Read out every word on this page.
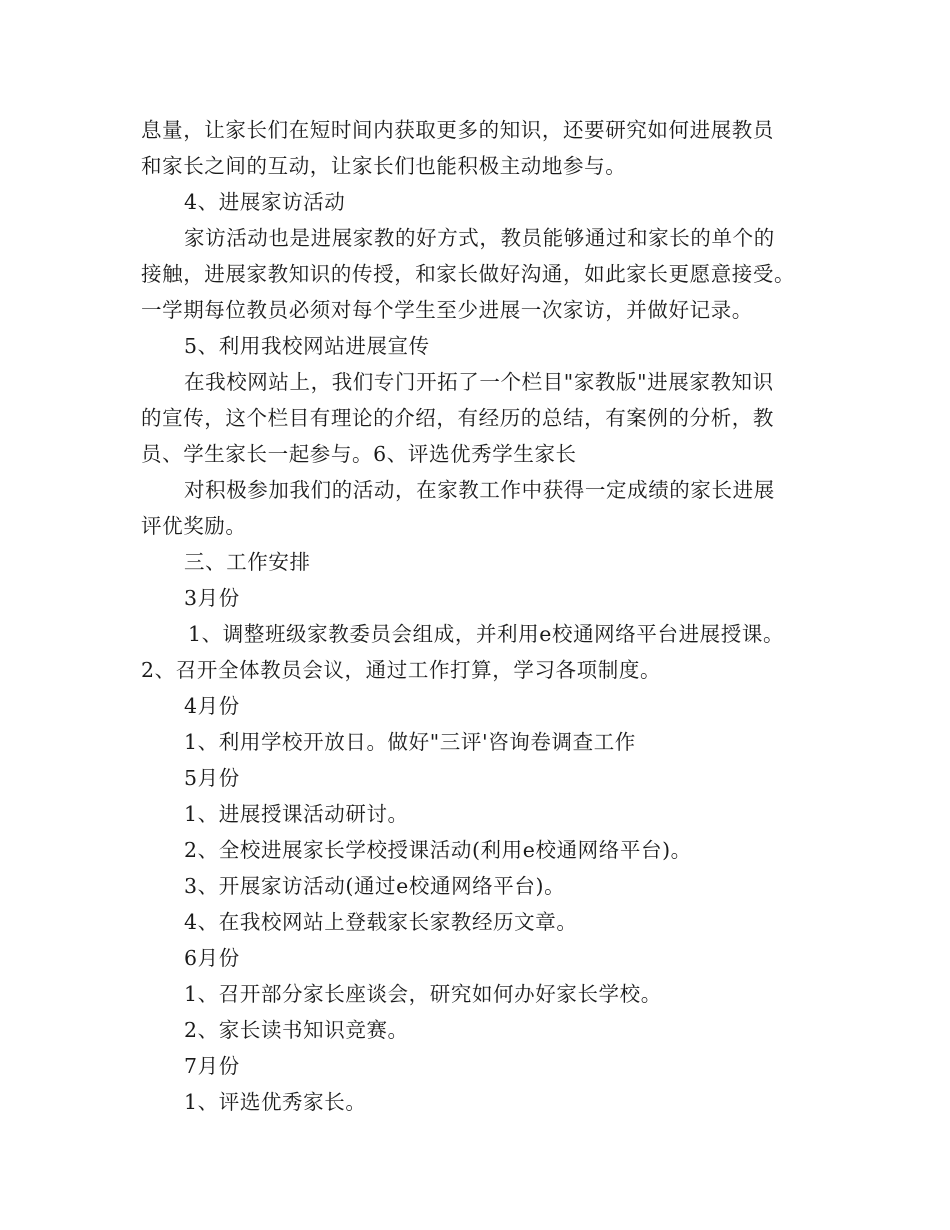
息量，让家长们在短时间内获取更多的知识，还要研究如何进展教员
和家长之间的互动，让家长们也能积极主动地参与。
4、进展家访活动
家访活动也是进展家教的好方式，教员能够通过和家长的单个的
接触，进展家教知识的传授，和家长做好沟通，如此家长更愿意接受。
一学期每位教员必须对每个学生至少进展一次家访，并做好记录。
5、利用我校网站进展宣传
在我校网站上，我们专门开拓了一个栏目"家教版"进展家教知识
的宣传，这个栏目有理论的介绍，有经历的总结，有案例的分析，教
员、学生家长一起参与。6、评选优秀学生家长
对积极参加我们的活动，在家教工作中获得一定成绩的家长进展
评优奖励。
三、工作安排
3月份
1、调整班级家教委员会组成，并利用e校通网络平台进展授课。
2、召开全体教员会议，通过工作打算，学习各项制度。
4月份
1、利用学校开放日。做好"三评'咨询卷调查工作
5月份
1、进展授课活动研讨。
2、全校进展家长学校授课活动(利用e校通网络平台)。
3、开展家访活动(通过e校通网络平台)。
4、在我校网站上登载家长家教经历文章。
6月份
1、召开部分家长座谈会，研究如何办好家长学校。
2、家长读书知识竞赛。
7月份
1、评选优秀家长。
